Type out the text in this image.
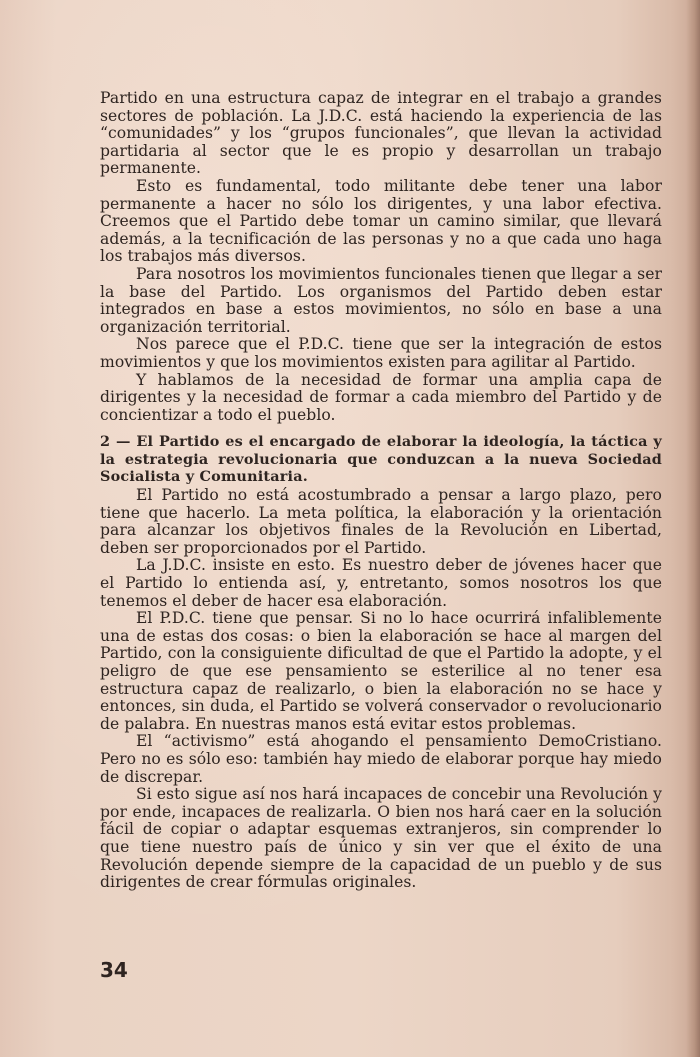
Partido en una estructura capaz de integrar en el trabajo a grandes sectores de población. La J.D.C. está haciendo la experiencia de las “comunidades” y los “grupos funcionales”, que llevan la actividad partidaria al sector que le es propio y desarrollan un trabajo permanente.

Esto es fundamental, todo militante debe tener una labor permanente a hacer no sólo los dirigentes, y una labor efectiva. Creemos que el Partido debe tomar un camino similar, que llevará además, a la tecnificación de las personas y no a que cada uno haga los trabajos más diversos.

Para nosotros los movimientos funcionales tienen que llegar a ser la base del Partido. Los organismos del Partido deben estar integrados en base a estos movimientos, no sólo en base a una organización territorial.

Nos parece que el P.D.C. tiene que ser la integración de estos movimientos y que los movimientos existen para agilitar al Partido.

Y hablamos de la necesidad de formar una amplia capa de dirigentes y la necesidad de formar a cada miembro del Partido y de concientizar a todo el pueblo.

2 — El Partido es el encargado de elaborar la ideología, la táctica y la estrategia revolucionaria que conduzcan a la nueva Sociedad Socialista y Comunitaria.

El Partido no está acostumbrado a pensar a largo plazo, pero tiene que hacerlo. La meta política, la elaboración y la orientación para alcanzar los objetivos finales de la Revolución en Libertad, deben ser proporcionados por el Partido.

La J.D.C. insiste en esto. Es nuestro deber de jóvenes hacer que el Partido lo entienda así, y, entretanto, somos nosotros los que tenemos el deber de hacer esa elaboración.

El P.D.C. tiene que pensar. Si no lo hace ocurrirá infaliblemente una de estas dos cosas: o bien la elaboración se hace al margen del Partido, con la consiguiente dificultad de que el Partido la adopte, y el peligro de que ese pensamiento se esterilice al no tener esa estructura capaz de realizarlo, o bien la elaboración no se hace y entonces, sin duda, el Partido se volverá conservador o revolucionario de palabra. En nuestras manos está evitar estos problemas.

El “activismo” está ahogando el pensamiento DemoCristiano. Pero no es sólo eso: también hay miedo de elaborar porque hay miedo de discrepar.

Si esto sigue así nos hará incapaces de concebir una Revolución y por ende, incapaces de realizarla. O bien nos hará caer en la solución fácil de copiar o adaptar esquemas extranjeros, sin comprender lo que tiene nuestro país de único y sin ver que el éxito de una Revolución depende siempre de la capacidad de un pueblo y de sus dirigentes de crear fórmulas originales.

34
